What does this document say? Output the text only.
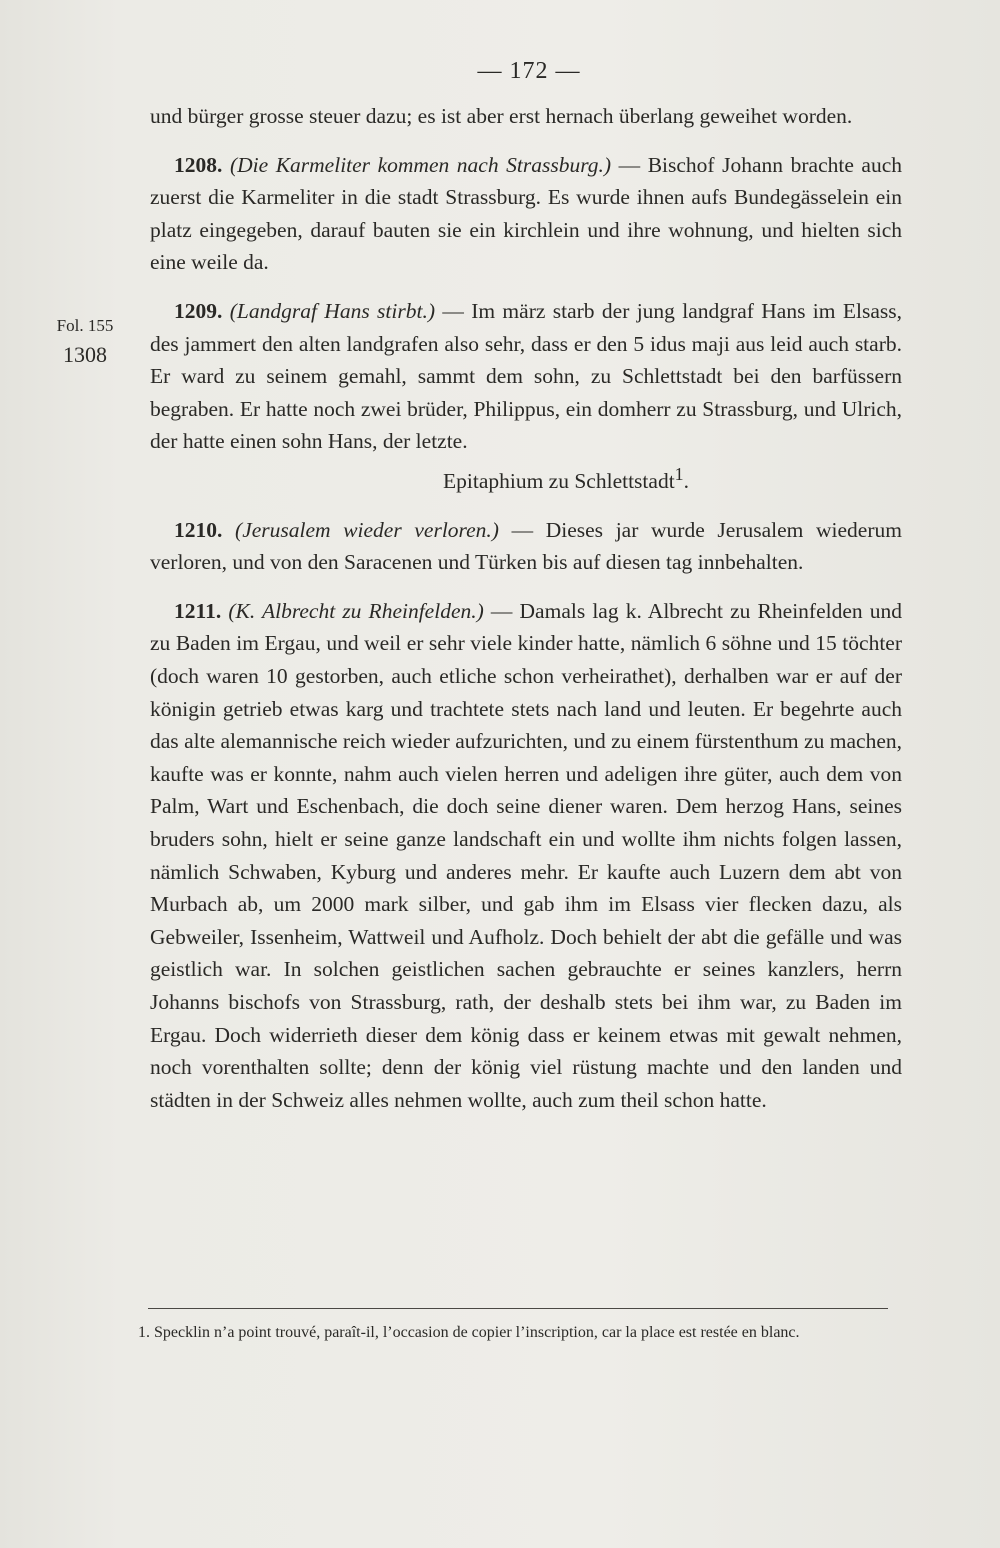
— 172 —
Fol. 155
1308

und bürger grosse steuer dazu; es ist aber erst hernach überlang geweihet worden.

1208. (Die Karmeliter kommen nach Strassburg.) — Bischof Johann brachte auch zuerst die Karmeliter in die stadt Strassburg. Es wurde ihnen aufs Bundegässelein ein platz eingegeben, darauf bauten sie ein kirchlein und ihre wohnung, und hielten sich eine weile da.

1209. (Landgraf Hans stirbt.) — Im märz starb der jung landgraf Hans im Elsass, des jammert den alten landgrafen also sehr, dass er den 5 idus maji aus leid auch starb. Er ward zu seinem gemahl, sammt dem sohn, zu Schlettstadt bei den barfüssern begraben. Er hatte noch zwei brüder, Philippus, ein domherr zu Strassburg, und Ulrich, der hatte einen sohn Hans, der letzte.

Epitaphium zu Schlettstadt$^1$.

1210. (Jerusalem wieder verloren.) — Dieses jar wurde Jerusalem wiederum verloren, und von den Saracenen und Türken bis auf diesen tag innbehalten.

1211. (K. Albrecht zu Rheinfelden.) — Damals lag k. Albrecht zu Rheinfelden und zu Baden im Ergau, und weil er sehr viele kinder hatte, nämlich 6 söhne und 15 töchter (doch waren 10 gestorben, auch etliche schon verheirathet), derhalben war er auf der königin getrieb etwas karg und trachtete stets nach land und leuten. Er begehrte auch das alte alemannische reich wieder aufzurichten, und zu einem fürstenthum zu machen, kaufte was er konnte, nahm auch vielen herren und adeligen ihre güter, auch dem von Palm, Wart und Eschenbach, die doch seine diener waren. Dem herzog Hans, seines bruders sohn, hielt er seine ganze landschaft ein und wollte ihm nichts folgen lassen, nämlich Schwaben, Kyburg und anderes mehr. Er kaufte auch Luzern dem abt von Murbach ab, um 2000 mark silber, und gab ihm im Elsass vier flecken dazu, als Gebweiler, Issenheim, Wattweil und Aufholz. Doch behielt der abt die gefälle und was geistlich war. In solchen geistlichen sachen gebrauchte er seines kanzlers, herrn Johanns bischofs von Strassburg, rath, der deshalb stets bei ihm war, zu Baden im Ergau. Doch widerrieth dieser dem könig dass er keinem etwas mit gewalt nehmen, noch vorenthalten sollte; denn der könig viel rüstung machte und den landen und städten in der Schweiz alles nehmen wollte, auch zum theil schon hatte.

1. Specklin n’a point trouvé, paraît-il, l’occasion de copier l’inscription, car la place est restée en blanc.
